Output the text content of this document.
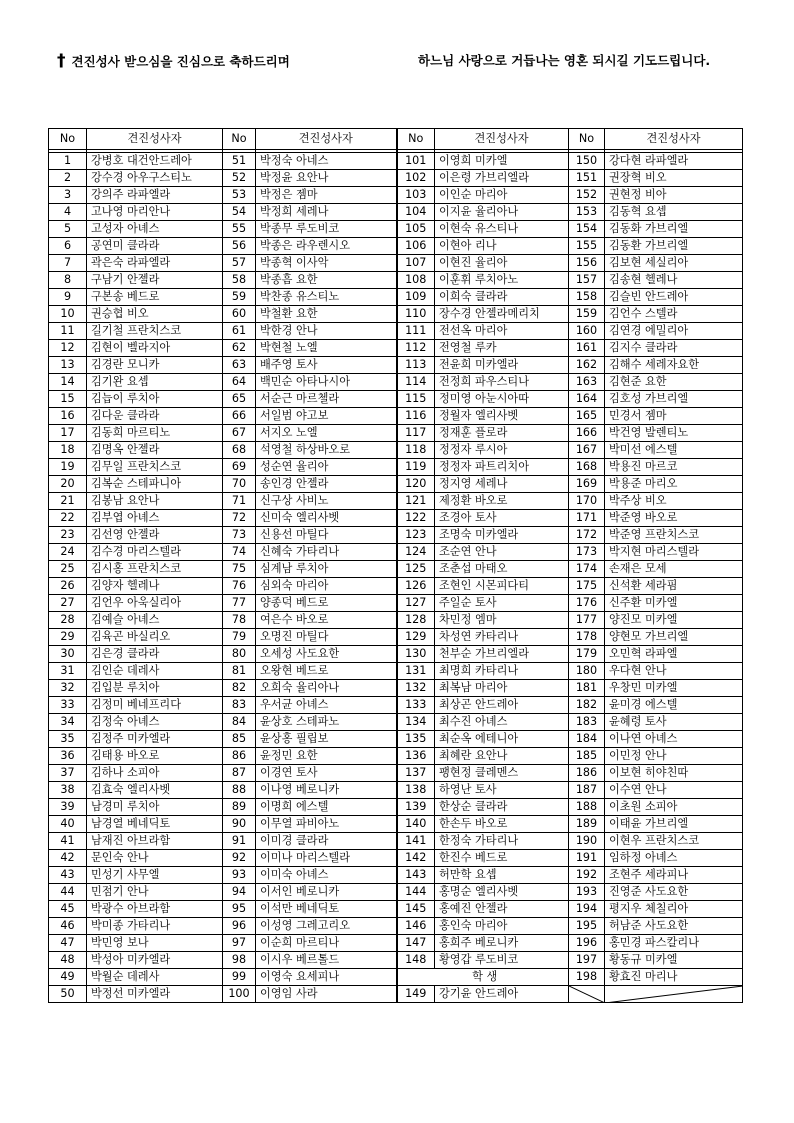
† 견진성사 받으심을 진심으로 축하드리며	하느님 사랑으로 거듭나는 영혼 되시길 기도드립니다.
No	견진성사자	No	견진성사자	No	견진성사자	No	견진성사자

1	강병호 대건안드레아	51	박정숙 아네스	101	이영희 미카엘	150	강다현 라파엘라
2	강수경 아우구스티노	52	박정윤 요안나	102	이은령 가브리엘라	151	권장혁 비오
3	강의주 라파엘라	53	박정은 젬마	103	이인순 마리아	152	권현정 비아
4	고나영 마리안나	54	박정희 세레나	104	이지윤 율리아나	153	김동혁 요셉
5	고성자 아녜스	55	박종무 루도비코	105	이현숙 유스티나	154	김동화 가브리엘
6	공연미 클라라	56	박종은 라우렌시오	106	이현아 리나	155	김동환 가브리엘
7	곽은숙 라파엘라	57	박종혁 이사악	107	이현진 율리아	156	김보현 세실리아
8	구남기 안젤라	58	박종흠 요한	108	이훈휘 루치아노	157	김송현 헬레나
9	구본송 베드로	59	박찬종 유스티노	109	이희숙 클라라	158	김슬빈 안드레아
10	권승협 비오	60	박철환 요한	110	장수경 안젤라메리치	159	김언수 스텔라
11	길기철 프란치스코	61	박한경 안나	111	전선옥 마리아	160	김연경 에밀리아
12	김현이 벨라지아	62	박현철 노엘	112	전영철 루카	161	김지수 클라라
13	김경란 모니카	63	배주영 토사	113	전윤희 미카엘라	162	김해수 세레자요한
14	김기완 요셉	64	백민순 아타나시아	114	전정희 파우스티나	163	김현준 요한
15	김늡이 루치아	65	서순근 마르첼라	115	정미영 아눈시아따	164	김호성 가브리엘
16	김다운 클라라	66	서일범 야고보	116	정월자 엘리사벳	165	민경서 젬마
17	김동희 마르티노	67	서지오 노엘	117	정재훈 플로라	166	박건영 발렌티노
18	김명옥 안젤라	68	석영철 하상바오로	118	정정자 루시아	167	박미선 에스텔
19	김무일 프란치스코	69	성순연 율리아	119	정정자 파트리치아	168	박용진 마르코
20	김복순 스테파니아	70	송인경 안젤라	120	정지영 세레나	169	박용준 마리오
21	김봉남 요안나	71	신구상 사비노	121	제정환 바오로	170	박주상 비오
22	김부엽 아녜스	72	신미숙 엘리사벳	122	조경아 토사	171	박준영 바오로
23	김선영 안젤라	73	신용선 마틸다	123	조명숙 미카엘라	172	박준영 프란치스코
24	김수경 마리스텔라	74	신혜숙 가타리나	124	조순연 안나	173	박지현 마리스텔라
25	김시홍 프란치스코	75	심계남 루치아	125	조춘섭 마태오	174	손재은 모세
26	김양자 헬레나	76	심외숙 마리아	126	조현인 시몬피다티	175	신석환 세라핌
27	김언우 아욱실리아	77	양종덕 베드로	127	주일순 토사	176	신주환 미카엘
28	김예슬 아녜스	78	여은수 바오로	128	차민정 엠마	177	양진모 미카엘
29	김육곤 바실리오	79	오명진 마틸다	129	차성연 카타리나	178	양현모 가브리엘
30	김은경 클라라	80	오세성 사도요한	130	천부순 가브리엘라	179	오민혁 라파엘
31	김인순 데레사	81	오왕현 베드로	131	최명희 카타리나	180	우다현 안나
32	김입분 루치아	82	오희숙 율리아나	132	최복남 마리아	181	우창민 미카엘
33	김정미 베네프리다	83	우서균 아녜스	133	최상곤 안드레아	182	윤미경 에스텔
34	김정숙 아녜스	84	윤상호 스테파노	134	최수진 아녜스	183	윤혜령 토사
35	김정주 미카엘라	85	윤상홍 필립보	135	최순옥 에테니아	184	이나연 아녜스
36	김태용 바오로	86	윤정민 요한	136	최혜란 요안나	185	이민정 안나
37	김하나 소피아	87	이경연 토사	137	팽현정 클레멘스	186	이보현 히야친따
38	김효숙 엘리사벳	88	이나영 베로니카	138	하영난 토사	187	이수연 안나
39	남경미 루치아	89	이명희 에스텔	139	한상순 클라라	188	이초원 소피아
40	남경열 베네딕토	90	이무열 파비아노	140	한손두 바오로	189	이태윤 가브리엘
41	남재진 아브라함	91	이미경 클라라	141	한정숙 가타리나	190	이현우 프란치스코
42	문인숙 안나	92	이미나 마리스텔라	142	한진수 베드로	191	임하정 아녜스
43	민성기 사무엘	93	이미숙 아녜스	143	허만학 요셉	192	조현주 세라피나
44	민점기 안나	94	이서인 베로니카	144	홍명순 엘리사벳	193	진영준 사도요한
45	박광수 아브라함	95	이석만 베네딕토	145	홍예진 안젤라	194	평지우 체칠리아
46	박미종 가타리나	96	이성영 그레고리오	146	홍인숙 마리아	195	허남준 사도요한
47	박민영 보나	97	이순희 마르티나	147	홍희주 베로니카	196	홍민경 파스칼리나
48	박성아 미카엘라	98	이시우 베르톨드	148	황영갑 루도비코	197	황동규 미카엘
49	박월순 데레사	99	이영숙 요세피나	학 생		198	황효진 마리나
50	박정선 미카엘라	100	이영임 사라	149	강기윤 안드레아	
